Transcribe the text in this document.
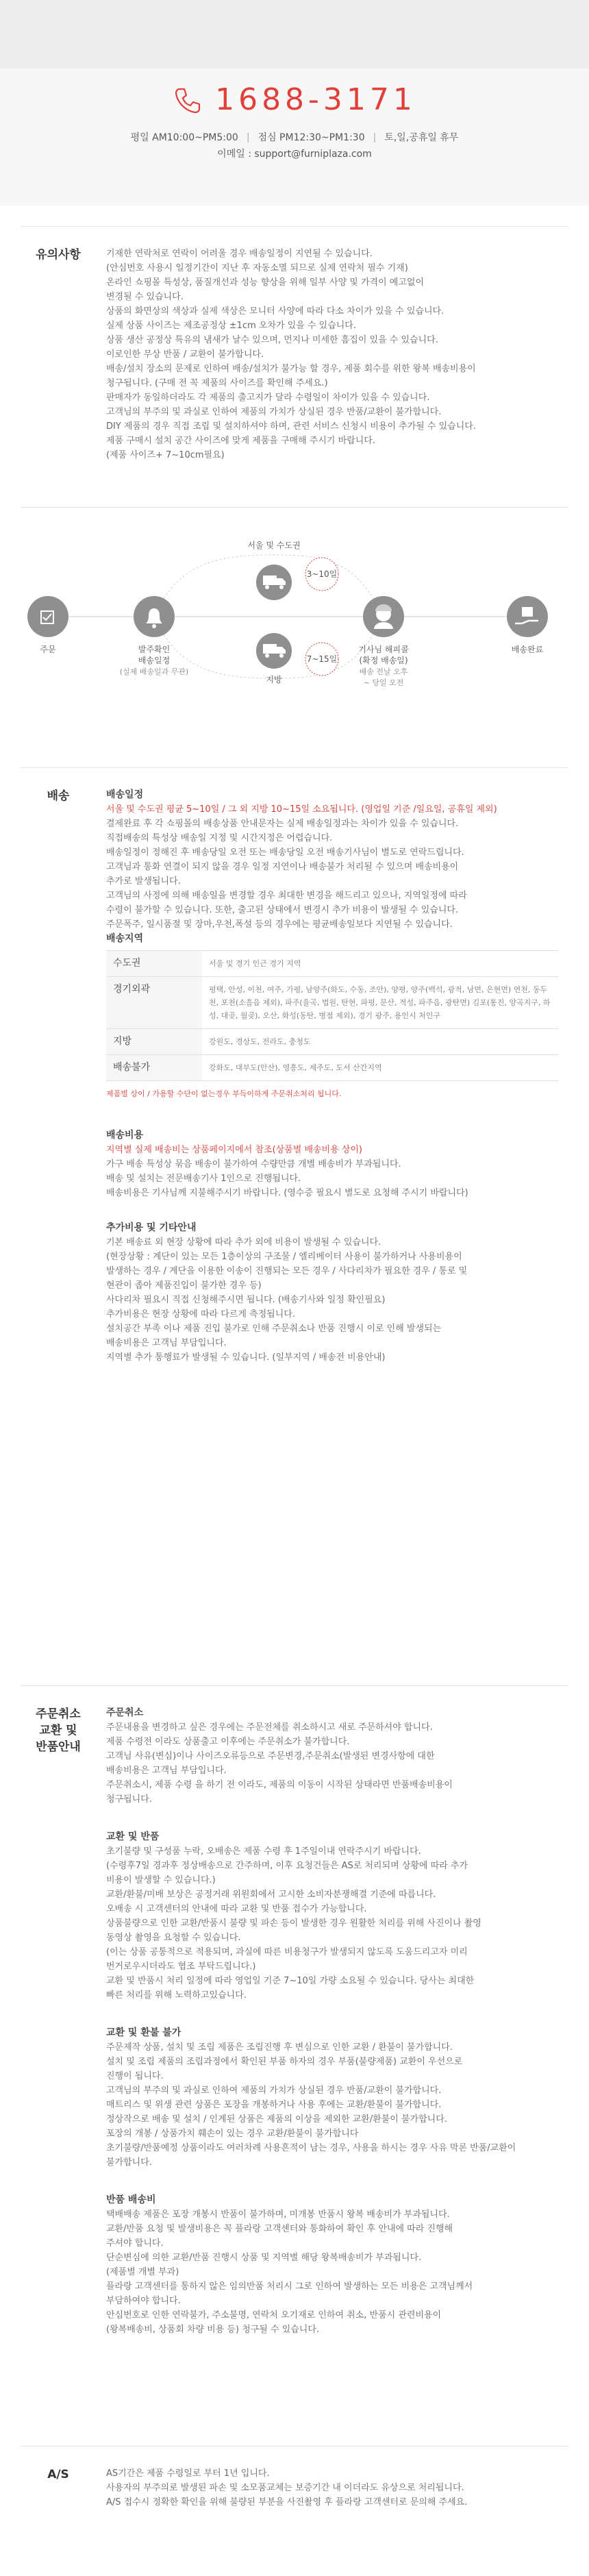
1688-3171
평일 AM10:00~PM5:00 | 점심 PM12:30~PM1:30 | 토,일,공휴일 휴무
이메일 : support@furniplaza.com
유의사항	기재한 연락처로 연락이 어려울 경우 배송일정이 지연될 수 있습니다.

(안심번호 사용시 일정기간이 지난 후 자동소멸 되므로 실제 연락처 필수 기재)

온라인 쇼핑몰 특성상, 품질개선과 성능 향상을 위해 일부 사양 및 가격이 예고없이

변경될 수 있습니다.

상품의 화면상의 색상과 실제 색상은 모니터 사양에 따라 다소 차이가 있을 수 있습니다.

실제 상품 사이즈는 제조공정상 ±1cm 오차가 있을 수 있습니다.

상품 생산 공정상 특유의 냄새가 날수 있으며, 먼지나 미세한 흠집이 있을 수 있습니다.

이로인한 무상 반품 / 교환이 불가합니다.

배송/설치 장소의 문제로 인하여 배송/설치가 불가능 할 경우, 제품 회수를 위한 왕복 배송비용이

청구됩니다. (구매 전 꼭 제품의 사이즈를 확인해 주세요.)

판매자가 동일하더라도 각 제품의 출고지가 달라 수령일이 차이가 있을 수 있습니다.

고객님의 부주의 및 과실로 인하여 제품의 가치가 상실된 경우 반품/교환이 불가합니다.

DIY 제품의 경우 직접 조립 및 설치하셔야 하며, 관련 서비스 신청시 비용이 추가될 수 있습니다.

제품 구매시 설치 공간 사이즈에 맞게 제품을 구매해 주시기 바랍니다.

(제품 사이즈+ 7~10cm필요)

주문	발주확인
배송일정
(실제 배송일과 무관)
서울 및 수도권
3~10일
지방
7~15일
기사님 해피콜
(확정 배송일)
배송 전날 오후
~ 당일 오전
배송완료
배송	배송일정

서울 및 수도권 평균 5~10일 / 그 외 지방 10~15일 소요됩니다. (영업일 기준 /일요일, 공휴일 제외)

결제완료 후 각 쇼핑몰의 배송상품 안내문자는 실제 배송일정과는 차이가 있을 수 있습니다.

직접배송의 특성상 배송일 지정 및 시간지정은 어렵습니다.

배송일정이 정해진 후 배송당일 오전 또는 배송당일 오전 배송기사님이 별도로 연락드립니다.

고객님과 통화 연결이 되지 않을 경우 일정 지연이나 배송불가 처리될 수 있으며 배송비용이

추가로 발생됩니다.

고객님의 사정에 의해 배송일을 변경할 경우 최대한 변경을 해드리고 있으나, 지역일정에 따라

수령이 불가할 수 있습니다. 또한, 출고된 상태에서 변경시 추가 비용이 발생될 수 있습니다.

주문폭주, 일시품절 및 장마,우천,폭설 등의 경우에는 평균배송일보다 지연될 수 있습니다.

배송지역

수도권	서울 및 경기 인근 경기 지역
경기외곽	평택, 안성, 이천, 여주, 가평, 남양주(화도, 수동, 조안), 양평, 양주(백석, 광적, 남면, 은현면) 연천, 동두천, 포천(소흘읍 제외), 파주(율곡, 법원, 탄현, 파평, 문산, 적성, 파주읍, 광탄면) 김포(통진, 양곡지구, 하성, 대곶, 월곶), 오산, 화성(동탄, 병점 제외), 경기 광주, 용인시 처인구
지방	강원도, 경상도, 전라도, 충청도
배송불가	강화도, 대부도(안산), 영흥도, 제주도, 도서 산간지역

제품별 상이 / 가용할 수단이 없는경우 부득이하게 주문취소처리 됩니다.

배송비용

지역별 실제 배송비는 상품페이지에서 참조(상품별 배송비용 상이)

가구 배송 특성상 묶음 배송이 불가하여 수량만큼 개별 배송비가 부과됩니다.

배송 및 설치는 전문배송기사 1인으로 진행됩니다.

배송비용은 기사님께 지불해주시기 바랍니다. (영수증 필요시 별도로 요청해 주시기 바랍니다)

추가비용 및 기타안내

기본 배송료 외 현장 상황에 따라 추가 외에 비용이 발생될 수 있습니다.

(현장상황 : 계단이 있는 모든 1층이상의 구조물 / 엘리베이터 사용이 불가하거나 사용비용이

발생하는 경우 / 계단을 이용한 이송이 진행되는 모든 경우 / 사다리차가 필요한 경우 / 통로 및

현관이 좁아 제품진입이 불가한 경우 등)

사다리차 필요시 직접 신청해주시면 됩니다. (배송기사와 일정 확인필요)

추가비용은 현장 상황에 따라 다르게 측정됩니다.

설치공간 부족 이나 제품 진입 불가로 인해 주문취소나 반품 진행시 이로 인해 발생되는

배송비용은 고객님 부담입니다.

지역별 추가 통행료가 발생될 수 있습니다. (일부지역 / 배송전 비용안내)

주문취소
교환 및
반품안내

주문취소

주문내용을 변경하고 싶은 경우에는 주문전체를 취소하시고 새로 주문하셔야 합니다.

제품 수령전 이라도 상품출고 이후에는 주문취소가 불가합니다.

고객님 사유(변심)이나 사이즈오류등으로 주문변경,주문취소(발생된 변경사항에 대한

배송비용은 고객님 부담입니다.

주문취소시, 제품 수령 을 하기 전 이라도, 제품의 이동이 시작된 상태라면 반품배송비용이

청구됩니다.

교환 및 반품

초기불량 및 구성품 누락, 오배송은 제품 수령 후 1주일이내 연락주시기 바랍니다.

(수령후7일 경과후 정상배송으로 간주하며, 이후 요청건들은 AS로 처리되며 상황에 따라 추가

비용이 발생할 수 있습니다.)

교환/환불/미배 보상은 공정거래 위원회에서 고시한 소비자분쟁해결 기준에 따릅니다.

오배송 시 고객센터의 안내에 따라 교환 및 반품 접수가 가능합니다.

상품불량으로 인한 교환/반품시 불량 및 파손 등이 발생한 경우 원활한 처리를 위해 사진이나 촬영

동영상 촬영을 요청할 수 있습니다.

(이는 상품 공통적으로 적용되며, 과실에 따른 비용청구가 발생되지 않도록 도움드리고자 미리

번거로우시더라도 협조 부탁드립니다.)

교환 및 반품시 처리 일정에 따라 영업일 기준 7~10일 가량 소요될 수 있습니다. 당사는 최대한

빠른 처리를 위해 노력하고있습니다.

교환 및 환불 불가

주문제작 상품, 설치 및 조립 제품은 조립진행 후 변심으로 인한 교환 / 환불이 불가합니다.

설치 및 조립 제품의 조립과정에서 확인된 부품 하자의 경우 부품(불량제품) 교환이 우선으로

진행이 됩니다.

고객님의 부주의 및 과실로 인하여 제품의 가치가 상실된 경우 반품/교환이 불가합니다.

매트리스 및 위생 관련 상품은 포장을 개봉하거나 사용 후에는 교환/환불이 불가합니다.

정상작으로 배송 및 설치 / 인계된 상품은 제품의 이상을 제외한 교환/환불이 불가합니다.

포장의 개봉 / 상품가치 훼손이 있는 경우 교환/환불이 불가합니다

초기불량/반품예정 상품이라도 여러차례 사용흔적이 남는 경우, 사용을 하시는 경우 사유 막론 반품/교환이

불가합니다.

반품 배송비

택배배송 제품은 포장 개봉시 반품이 불가하며, 미개봉 반품시 왕복 배송비가 부과됩니다.

교환/반품 요청 및 발생비용은 꼭 플라랑 고객센터와 통화하여 확인 후 안내에 따라 진행해

주셔야 합니다.

단순변심에 의한 교환/반품 진행시 상품 및 지역별 해당 왕복배송비가 부과됩니다.

(제품별 개별 부과)

플라랑 고객센터를 통하지 않은 임의반품 처리시 그로 인하여 발생하는 모든 비용은 고객님께서

부담하여야 합니다.

안심번호로 인한 연락불가, 주소불명, 연락처 오기재로 인하여 취소, 반품시 관련비용이

(왕복배송비, 상품회 차량 비용 등) 청구될 수 있습니다.

A/S	AS기간은 제품 수령일로 부터 1년 입니다.

사용자의 부주의로 발생된 파손 및 소모품교체는 보증기간 내 이더라도 유상으로 처리됩니다.

A/S 접수시 정확한 확인을 위해 불량된 부분을 사진촬영 후 플라랑 고객센터로 문의해 주세요.
